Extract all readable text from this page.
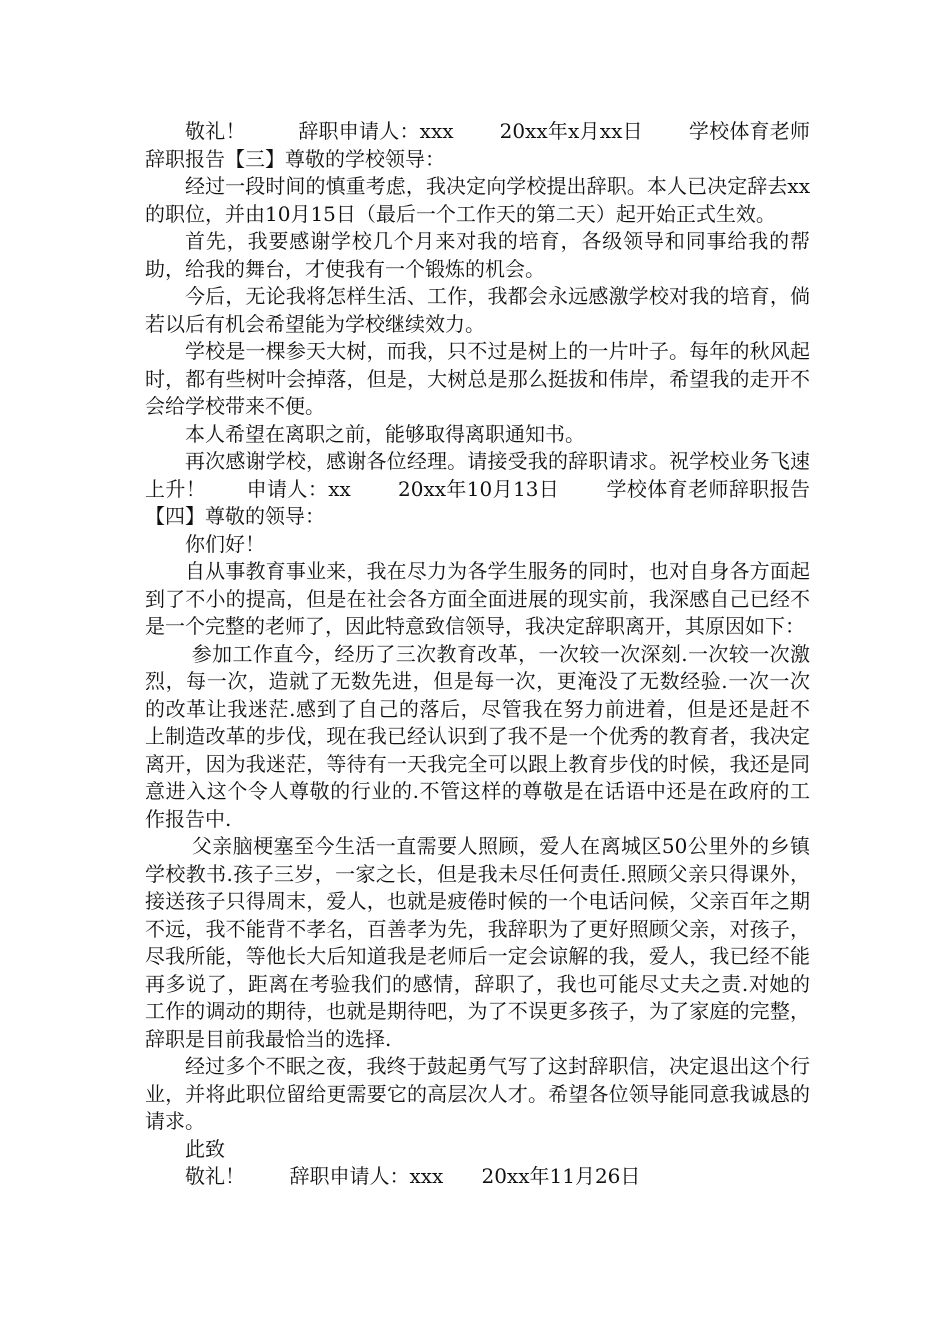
敬礼！        辞职申请人：xxx       20xx年x月xx日       学校体育老师辞职报告【三】尊敬的学校领导：

经过一段时间的慎重考虑，我决定向学校提出辞职。本人已决定辞去xx的职位，并由10月15日（最后一个工作天的第二天）起开始正式生效。

首先，我要感谢学校几个月来对我的培育，各级领导和同事给我的帮助，给我的舞台，才使我有一个锻炼的机会。

今后，无论我将怎样生活、工作，我都会永远感激学校对我的培育，倘若以后有机会希望能为学校继续效力。

学校是一棵参天大树，而我，只不过是树上的一片叶子。每年的秋风起时，都有些树叶会掉落，但是，大树总是那么挺拔和伟岸，希望我的走开不会给学校带来不便。

本人希望在离职之前，能够取得离职通知书。

再次感谢学校，感谢各位经理。请接受我的辞职请求。祝学校业务飞速上升！      申请人：xx       20xx年10月13日       学校体育老师辞职报告【四】尊敬的领导：

你们好！

自从事教育事业来，我在尽力为各学生服务的同时，也对自身各方面起到了不小的提高，但是在社会各方面全面进展的现实前，我深感自己已经不是一个完整的老师了，因此特意致信领导，我决定辞职离开，其原因如下：

参加工作直今，经历了三次教育改革，一次较一次深刻.一次较一次激烈，每一次，造就了无数先进，但是每一次，更淹没了无数经验.一次一次的改革让我迷茫.感到了自己的落后，尽管我在努力前进着，但是还是赶不上制造改革的步伐，现在我已经认识到了我不是一个优秀的教育者，我决定离开，因为我迷茫，等待有一天我完全可以跟上教育步伐的时候，我还是同意进入这个令人尊敬的行业的.不管这样的尊敬是在话语中还是在政府的工作报告中.

父亲脑梗塞至今生活一直需要人照顾，爱人在离城区50公里外的乡镇学校教书.孩子三岁，一家之长，但是我未尽任何责任.照顾父亲只得课外，接送孩子只得周末，爱人，也就是疲倦时候的一个电话问候，父亲百年之期不远，我不能背不孝名，百善孝为先，我辞职为了更好照顾父亲，对孩子，尽我所能，等他长大后知道我是老师后一定会谅解的我，爱人，我已经不能再多说了，距离在考验我们的感情，辞职了，我也可能尽丈夫之责.对她的工作的调动的期待，也就是期待吧，为了不误更多孩子，为了家庭的完整，辞职是目前我最恰当的选择.

经过多个不眠之夜，我终于鼓起勇气写了这封辞职信，决定退出这个行业，并将此职位留给更需要它的高层次人才。希望各位领导能同意我诚恳的请求。

此致

敬礼！       辞职申请人：xxx      20xx年11月26日
